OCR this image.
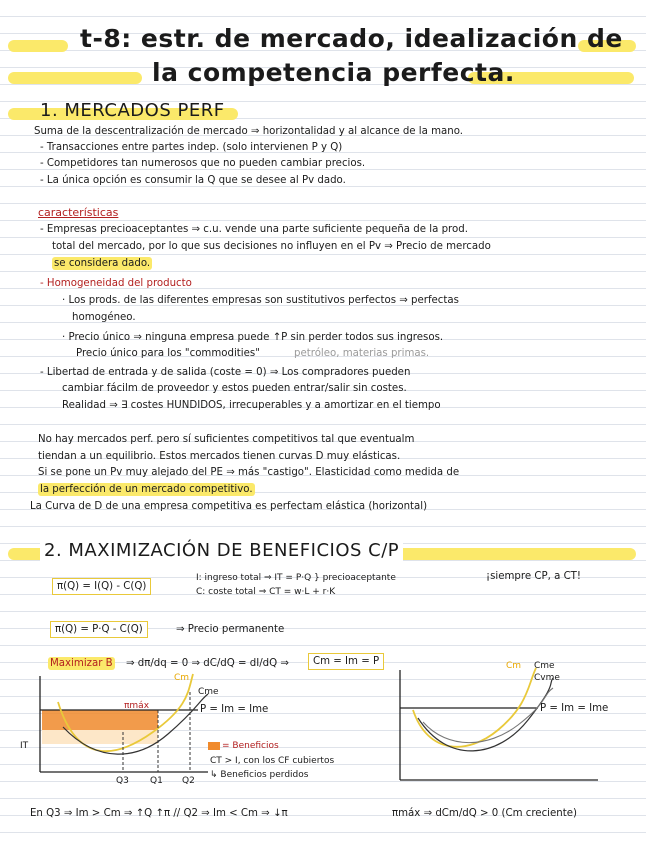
t-8: estr. de mercado, idealización de
la competencia perfecta.
1. MERCADOS PERF
Suma de la descentralización de mercado ⇒ horizontalidad y al alcance de la mano.
- Transacciones entre partes indep. (solo intervienen P y Q)
- Competidores tan numerosos que no pueden cambiar precios.
- La única opción es consumir la Q que se desee al Pv dado.
características
- Empresas precioaceptantes ⇒ c.u. vende una parte suficiente pequeña de la prod.
total del mercado, por lo que sus decisiones no influyen en el Pv ⇒ Precio de mercado
se considera dado.
- Homogeneidad del producto
· Los prods. de las diferentes empresas son sustitutivos perfectos ⇒ perfectas
homogéneo.
· Precio único ⇒ ninguna empresa puede ↑P sin perder todos sus ingresos.
Precio único para los "commodities"	petróleo, materias primas.
- Libertad de entrada y de salida (coste = 0) ⇒ Los compradores pueden
cambiar fácilm de proveedor y estos pueden entrar/salir sin costes.
Realidad ⇒ ∃ costes HUNDIDOS, irrecuperables y a amortizar en el tiempo
No hay mercados perf. pero sí suficientes competitivos tal que eventualm
tiendan a un equilibrio. Estos mercados tienen curvas D muy elásticas.
Si se pone un Pv muy alejado del PE ⇒ más "castigo". Elasticidad como medida de
la perfección de un mercado competitivo.
La Curva de D de una empresa competitiva es perfectam elástica (horizontal)
2. MAXIMIZACIÓN DE BENEFICIOS C/P
π(Q) = I(Q) - C(Q)
I: ingreso total ⇒ IT = P·Q } precioaceptante
C: coste total ⇒ CT = w·L + r·K
¡siempre CP, a CT!
π(Q) = P·Q - C(Q)	⇒ Precio permanente
Maximizar B ⇒ dπ/dq = 0 ⇒ dC/dQ = dI/dQ ⇒	Cm = Im = P
πmáx
Cm
Cme
P = Im = Ime
IT
Q3 Q1 Q2
= Beneficios
CT > I, con los CF cubiertos
↳ Beneficios perdidos
Cm Cme
Cvme
P = Im = Ime
En Q3 ⇒ Im > Cm ⇒ ↑Q ↑π // Q2 ⇒ Im < Cm ⇒ ↓π	πmáx ⇒ dCm/dQ > 0 (Cm creciente)
